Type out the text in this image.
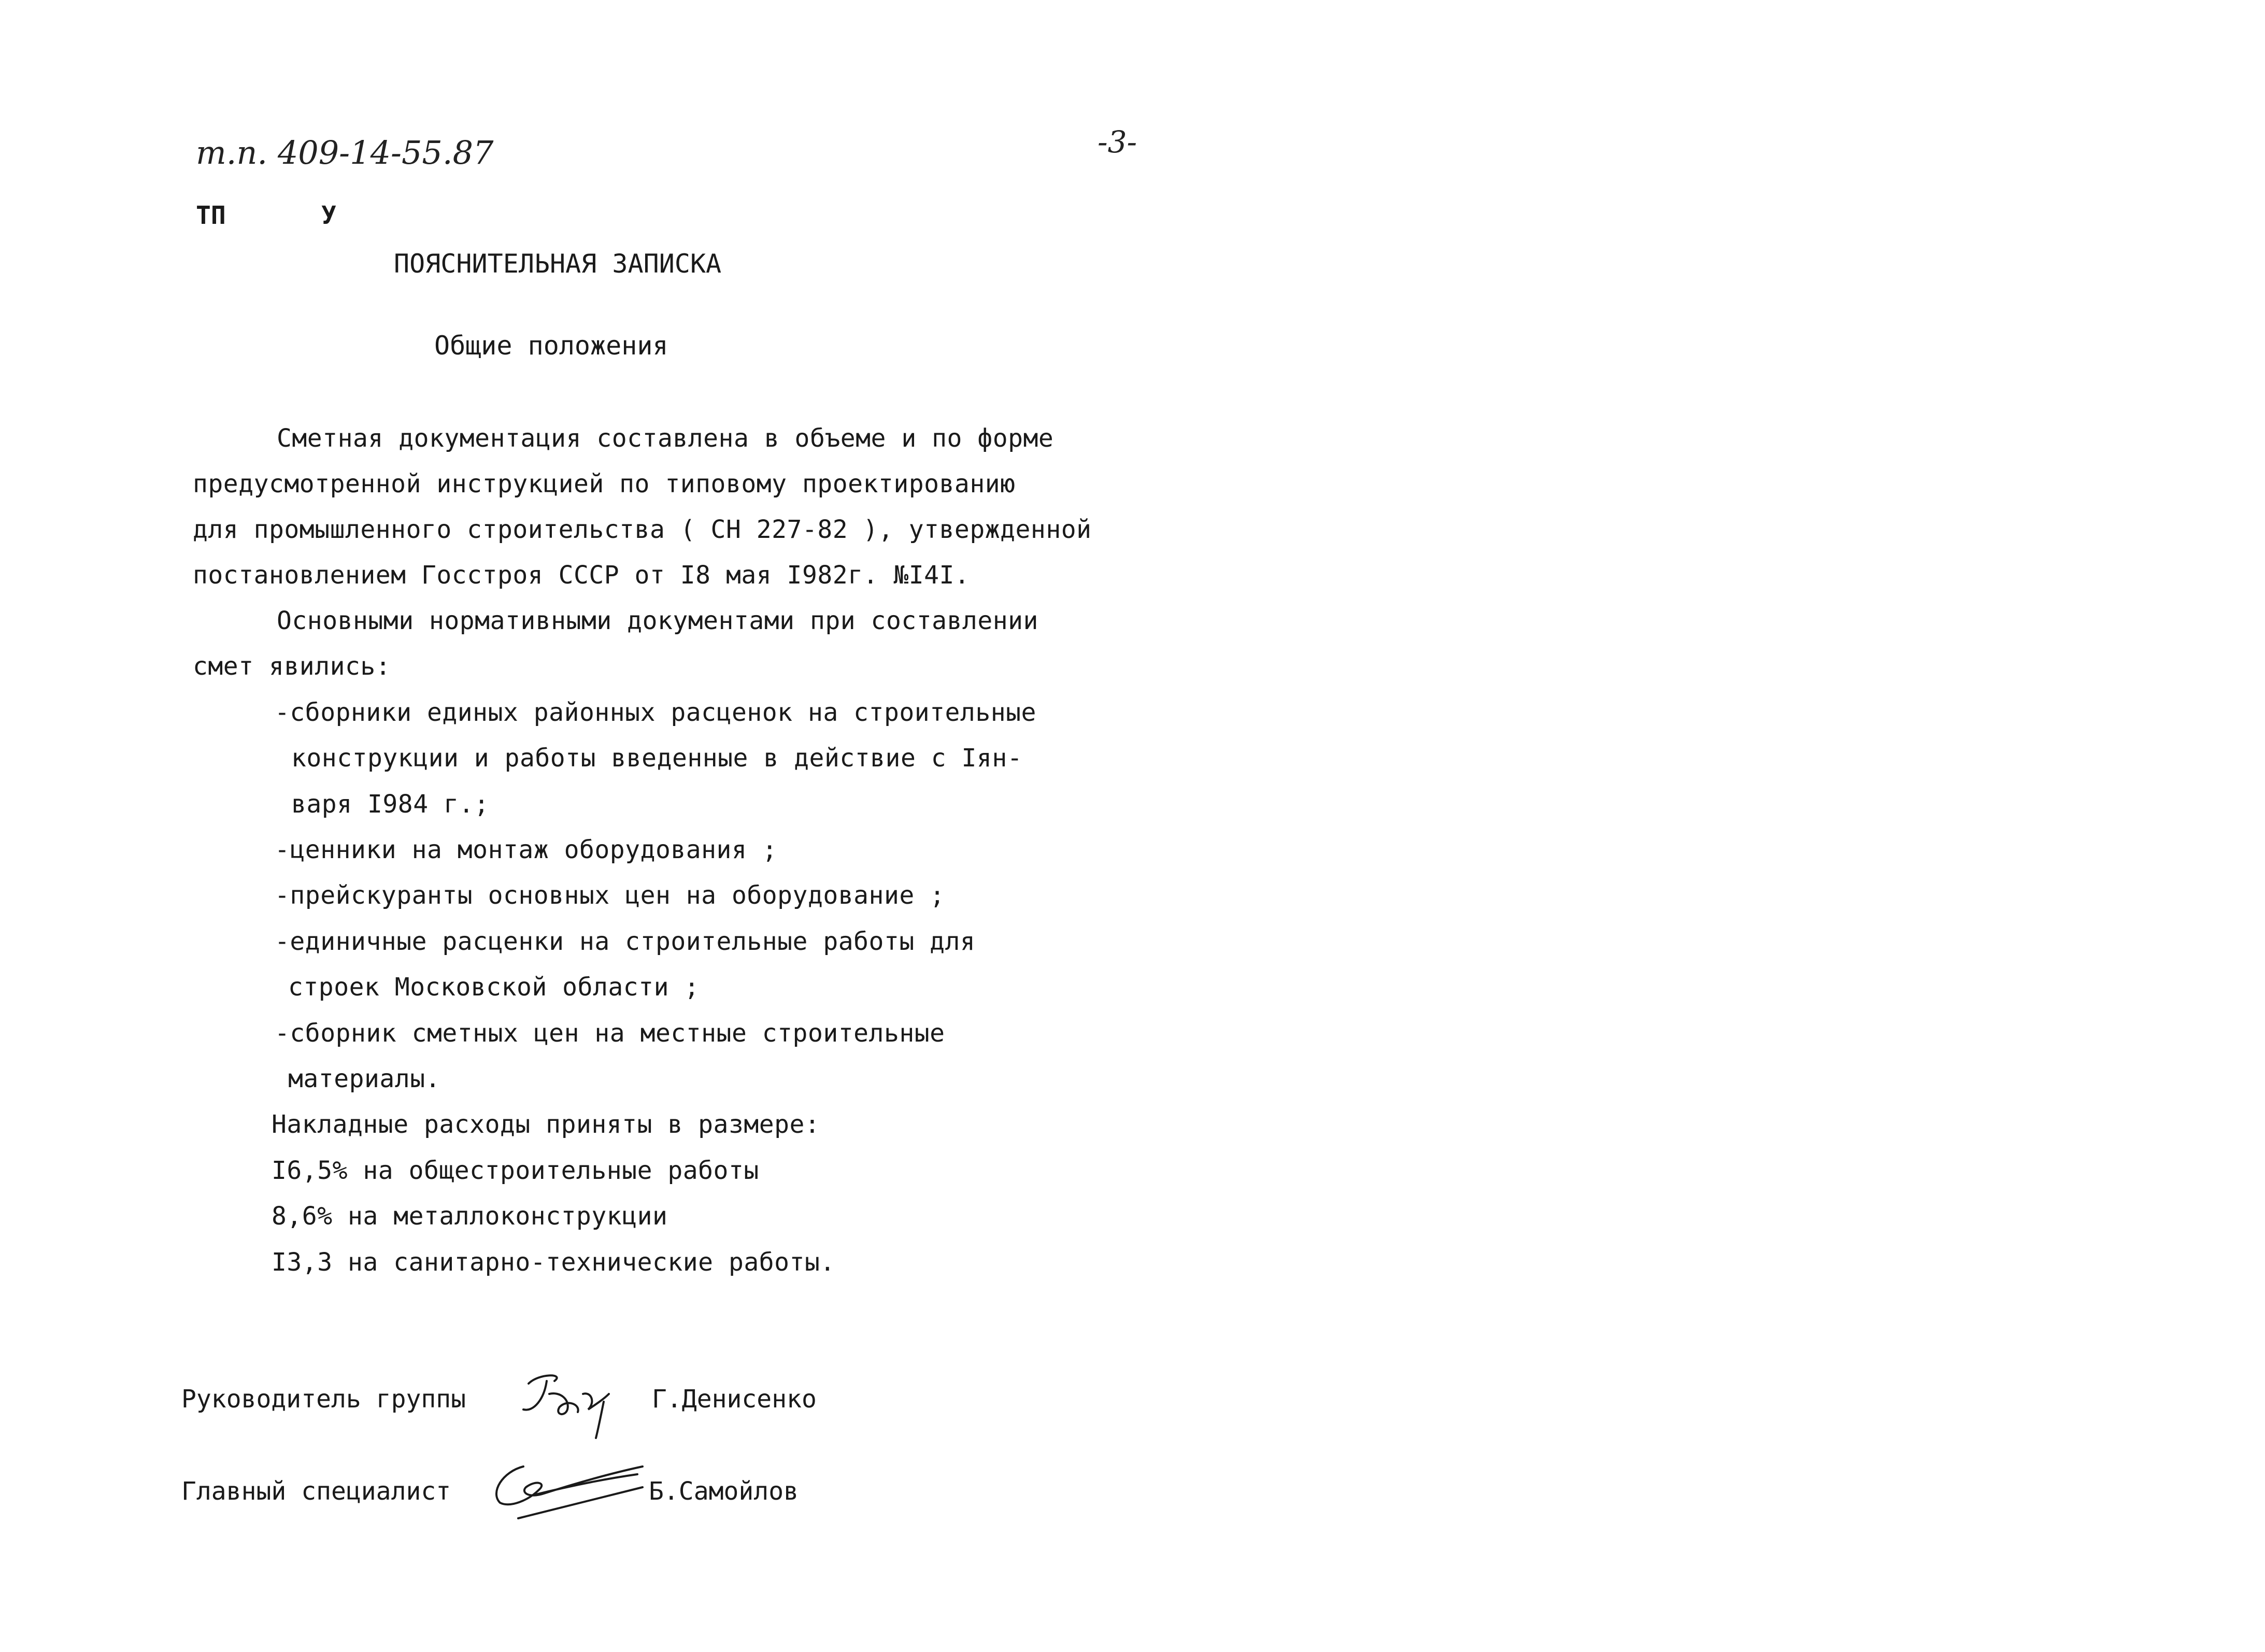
т.п. 409-14-55.87	-3-
ТП	У
ПОЯСНИТЕЛЬНАЯ ЗАПИСКА
Общие положения
Сметная документация составлена в объеме и по форме
предусмотренной инструкцией по типовому проектированию
для промышленного строительства ( СН 227-82 ), утвержденной
постановлением Госстроя СССР от I8 мая I982г. №I4I.
Основными нормативными документами при составлении
смет явились:
-сборники единых районных расценок на строительные
конструкции и работы введенные в действие с Iян-
варя I984 г.;
-ценники на монтаж оборудования ;
-прейскуранты основных цен на оборудование ;
-единичные расценки на строительные работы для
строек Московской области ;
-сборник сметных цен на местные строительные
материалы.
Накладные расходы приняты в размере:
I6,5% на общестроительные работы
8,6% на металлоконструкции
I3,3 на санитарно-технические работы.
Руководитель группы	Г.Денисенко
Главный специалист	Б.Самойлов
